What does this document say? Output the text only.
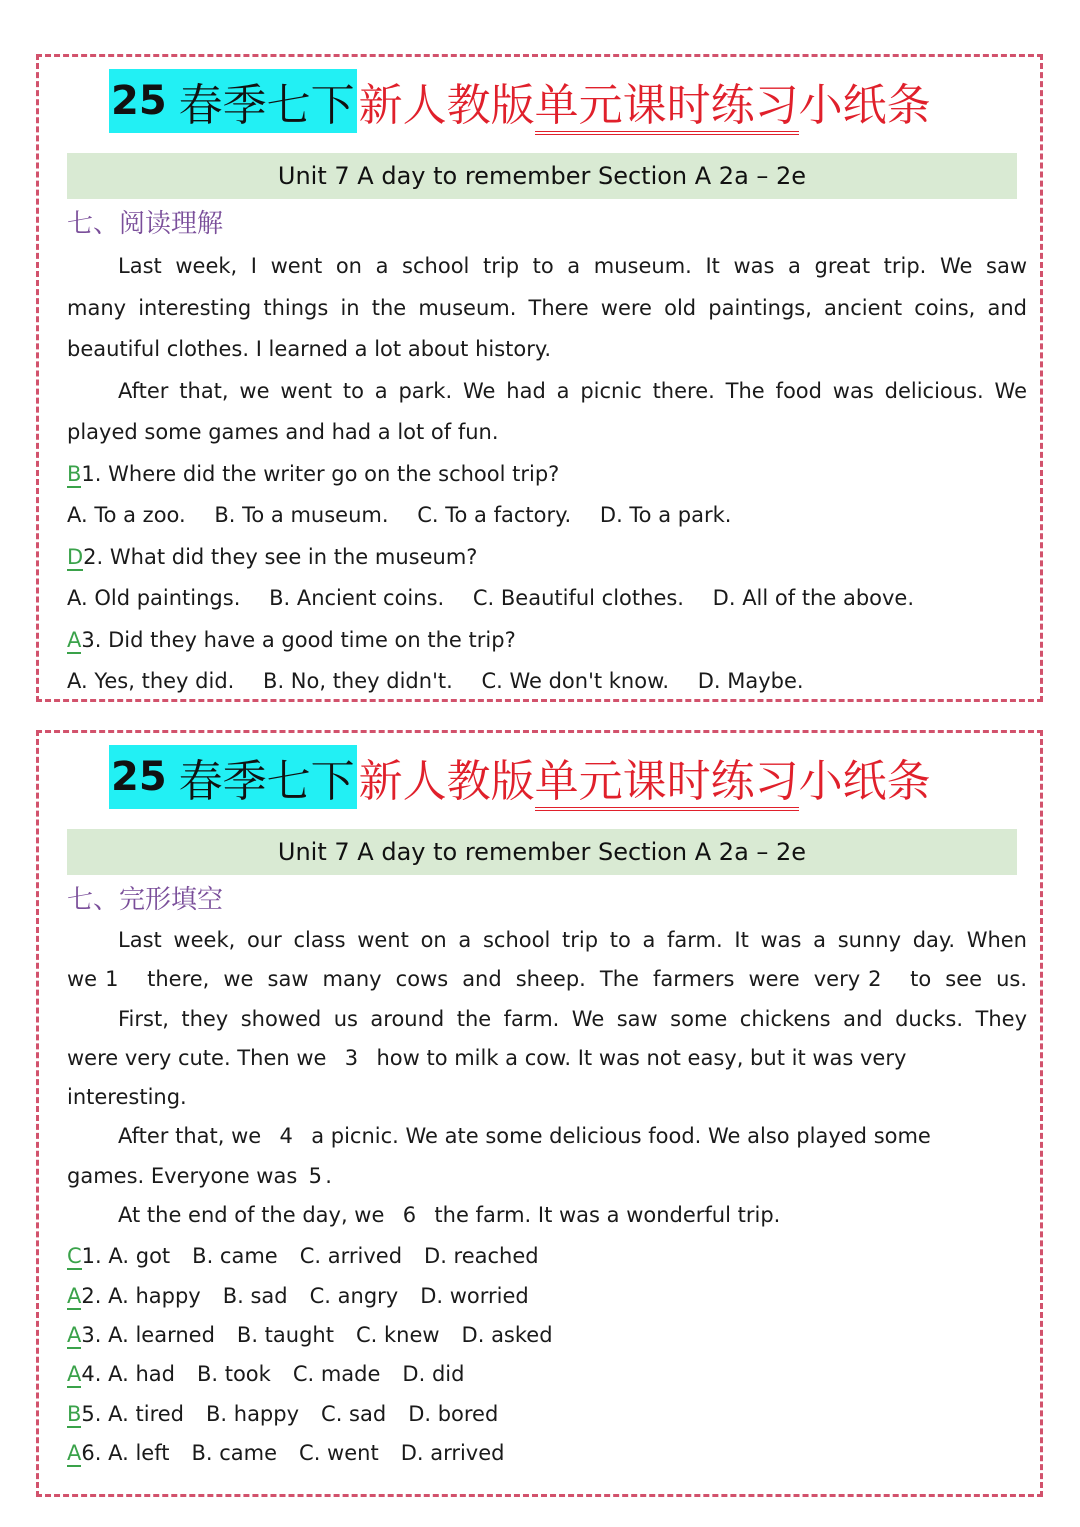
25 春季七下 新人教版单元课时练习小纸条
Unit 7 A day to remember Section A 2a – 2e
七、阅读理解
Last week, I went on a school trip to a museum. It was a great trip. We saw
many interesting things in the museum. There were old paintings, ancient coins, and
beautiful clothes. I learned a lot about history.
After that, we went to a park. We had a picnic there. The food was delicious. We
played some games and had a lot of fun.
B1. Where did the writer go on the school trip?
A. To a zoo. B. To a museum. C. To a factory. D. To a park.
D2. What did they see in the museum?
A. Old paintings. B. Ancient coins. C. Beautiful clothes. D. All of the above.
A3. Did they have a good time on the trip?
A. Yes, they did. B. No, they didn't. C. We don't know. D. Maybe.
25 春季七下 新人教版单元课时练习小纸条
Unit 7 A day to remember Section A 2a – 2e
七、完形填空
Last week, our class went on a school trip to a farm. It was a sunny day. When
we 1 there, we saw many cows and sheep. The farmers were very 2 to see us.
First, they showed us around the farm. We saw some chickens and ducks. They
were very cute. Then we 3 how to milk a cow. It was not easy, but it was very
interesting.
After that, we 4 a picnic. We ate some delicious food. We also played some
games. Everyone was 5 .
At the end of the day, we 6 the farm. It was a wonderful trip.
C1. A. got B. came C. arrived D. reached
A2. A. happy B. sad C. angry D. worried
A3. A. learned B. taught C. knew D. asked
A4. A. had B. took C. made D. did
B5. A. tired B. happy C. sad D. bored
A6. A. left B. came C. went D. arrived
